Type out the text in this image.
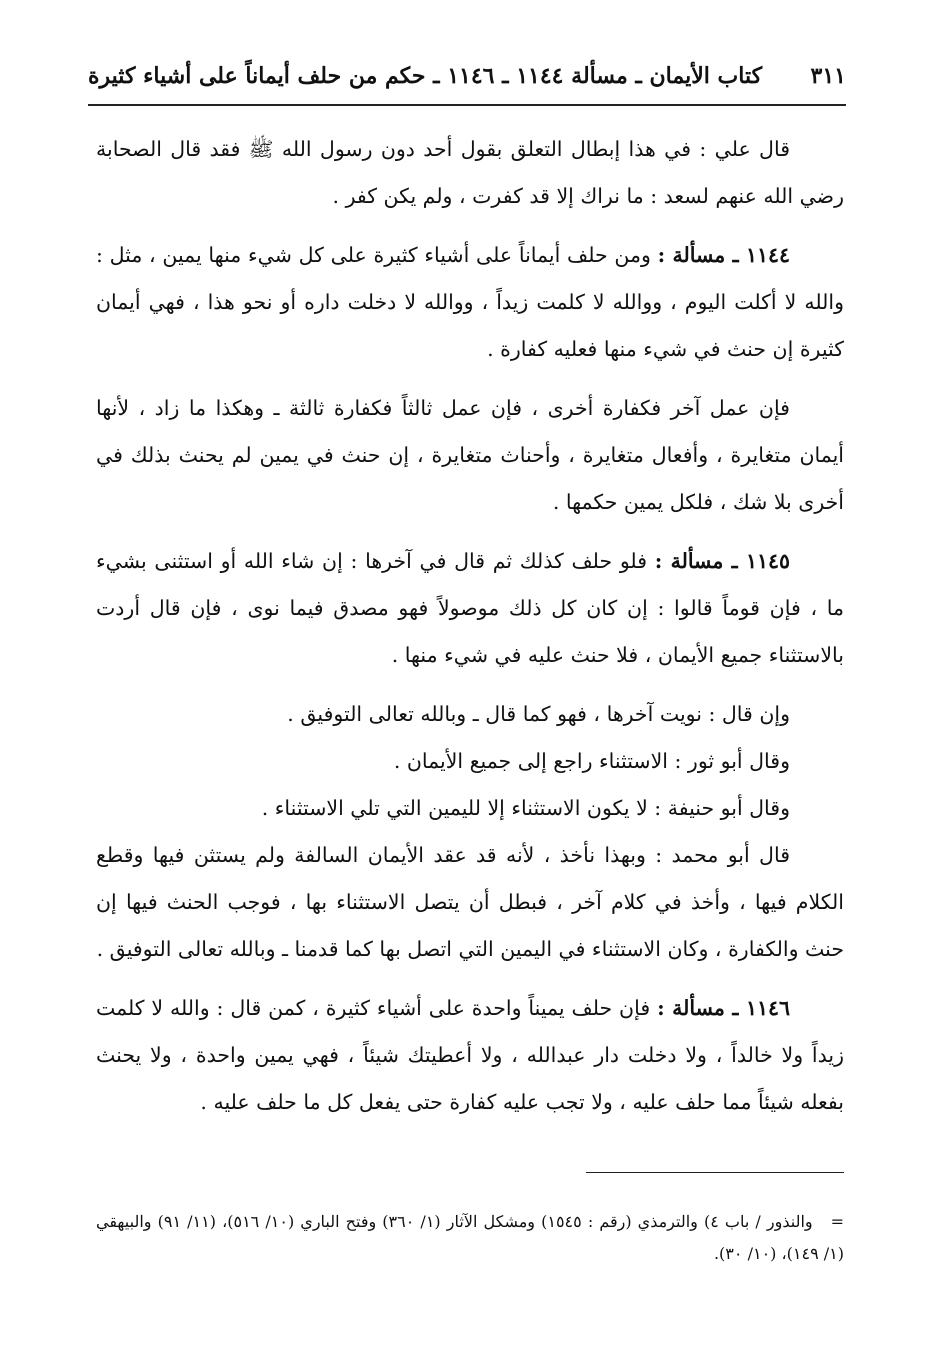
كتاب الأيمان ـ مسألة ١١٤٤ ـ ١١٤٦ ـ حكم من حلف أيماناً على أشياء كثيرة ٣١١

قال علي : في هذا إبطال التعلق بقول أحد دون رسول الله ﷺ فقد قال الصحابة رضي الله عنهم لسعد : ما نراك إلا قد كفرت ، ولم يكن كفر .

١١٤٤ ـ مسألة : ومن حلف أيماناً على أشياء كثيرة على كل شيء منها يمين ، مثل : والله لا أكلت اليوم ، ووالله لا كلمت زيداً ، ووالله لا دخلت داره أو نحو هذا ، فهي أيمان كثيرة إن حنث في شيء منها فعليه كفارة .

فإن عمل آخر فكفارة أخرى ، فإن عمل ثالثاً فكفارة ثالثة ـ وهكذا ما زاد ، لأنها أيمان متغايرة ، وأفعال متغايرة ، وأحناث متغايرة ، إن حنث في يمين لم يحنث بذلك في أخرى بلا شك ، فلكل يمين حكمها .

١١٤٥ ـ مسألة : فلو حلف كذلك ثم قال في آخرها : إن شاء الله أو استثنى بشيء ما ، فإن قوماً قالوا : إن كان كل ذلك موصولاً فهو مصدق فيما نوى ، فإن قال أردت بالاستثناء جميع الأيمان ، فلا حنث عليه في شيء منها .

وإن قال : نويت آخرها ، فهو كما قال ـ وبالله تعالى التوفيق .

وقال أبو ثور : الاستثناء راجع إلى جميع الأيمان .

وقال أبو حنيفة : لا يكون الاستثناء إلا لليمين التي تلي الاستثناء .

قال أبو محمد : وبهذا نأخذ ، لأنه قد عقد الأيمان السالفة ولم يستثن فيها وقطع الكلام فيها ، وأخذ في كلام آخر ، فبطل أن يتصل الاستثناء بها ، فوجب الحنث فيها إن حنث والكفارة ، وكان الاستثناء في اليمين التي اتصل بها كما قدمنا ـ وبالله تعالى التوفيق .

١١٤٦ ـ مسألة : فإن حلف يميناً واحدة على أشياء كثيرة ، كمن قال : والله لا كلمت زيداً ولا خالداً ، ولا دخلت دار عبدالله ، ولا أعطيتك شيئاً ، فهي يمين واحدة ، ولا يحنث بفعله شيئاً مما حلف عليه ، ولا تجب عليه كفارة حتى يفعل كل ما حلف عليه .

=والنذور / باب ٤) والترمذي (رقم : ١٥٤٥) ومشكل الآثار (١/ ٣٦٠) وفتح الباري (١٠/ ٥١٦)، (١١/ ٩١) والبيهقي (١/ ١٤٩)، (١٠/ ٣٠).
